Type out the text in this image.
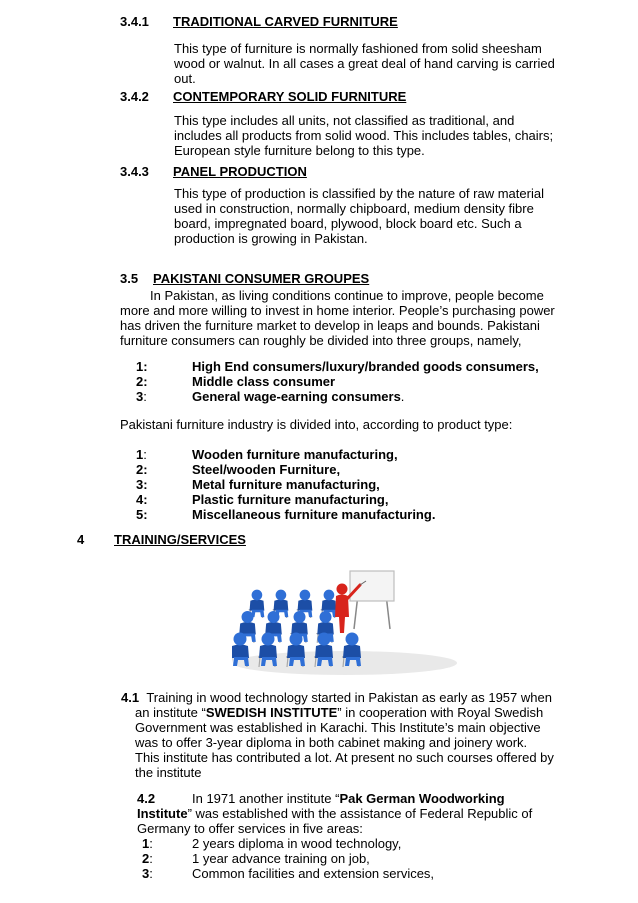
3.4.1 TRADITIONAL CARVED FURNITURE
This type of furniture is normally fashioned from solid sheesham
wood or walnut. In all cases a great deal of hand carving is carried
out.
3.4.2 CONTEMPORARY SOLID FURNITURE
This type includes all units, not classified as traditional, and
includes all products from solid wood. This includes tables, chairs;
European style furniture belong to this type.
3.4.3 PANEL PRODUCTION
This type of production is classified by the nature of raw material
used in construction, normally chipboard, medium density fibre
board, impregnated board, plywood, block board etc. Such a
production is growing in Pakistan.
3.5 PAKISTANI CONSUMER GROUPES
In Pakistan, as living conditions continue to improve, people become
more and more willing to invest in home interior. People’s purchasing power
has driven the furniture market to develop in leaps and bounds. Pakistani
furniture consumers can roughly be divided into three groups, namely,
1:	High End consumers/luxury/branded goods consumers,
2:	Middle class consumer
3:	General wage-earning consumers.
Pakistani furniture industry is divided into, according to product type:
1:	Wooden furniture manufacturing,
2:	Steel/wooden Furniture,
3:	Metal furniture manufacturing,
4:	Plastic furniture manufacturing,
5:	Miscellaneous furniture manufacturing.
4 TRAINING/SERVICES
4.1 Training in wood technology started in Pakistan as early as 1957 when
an institute “SWEDISH INSTITUTE” in cooperation with Royal Swedish
Government was established in Karachi. This Institute’s main objective
was to offer 3-year diploma in both cabinet making and joinery work.
This institute has contributed a lot. At present no such courses offered by
the institute
4.2	In 1971 another institute “Pak German Woodworking
Institute” was established with the assistance of Federal Republic of
Germany to offer services in five areas:
1:	2 years diploma in wood technology,
2:	1 year advance training on job,
3:	Common facilities and extension services,
